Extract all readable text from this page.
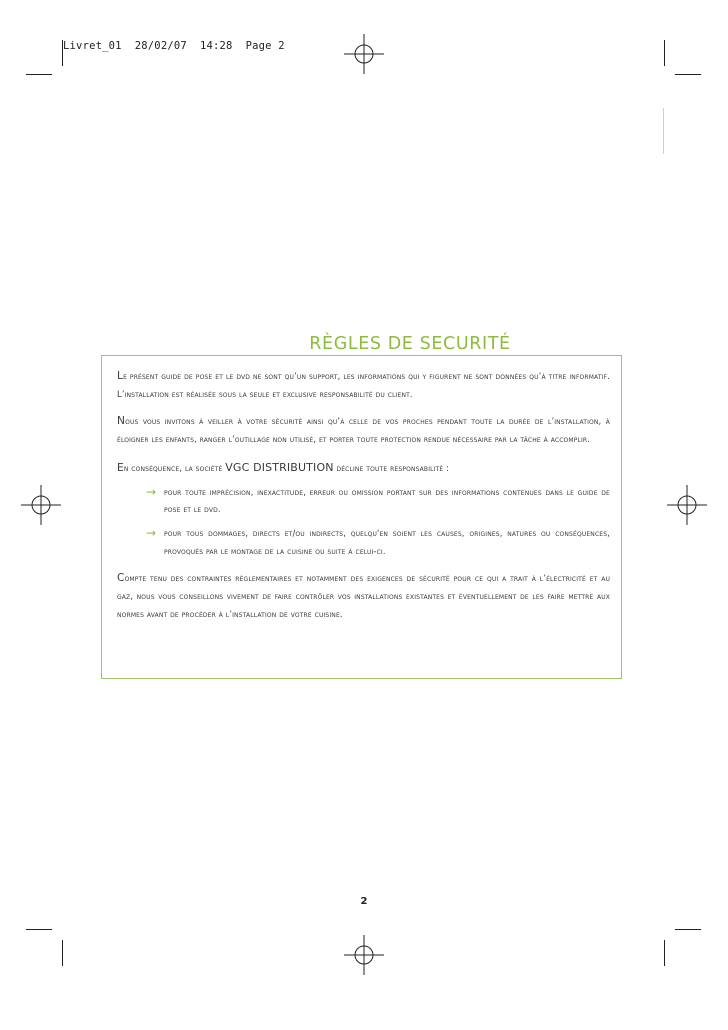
Livret_01  28/02/07  14:28  Page 2
RÈGLES DE SECURITÉ

Le présent guide de pose et le dvd ne sont qu’un support, les informations qui y figurent ne sont données qu’à titre informatif. L’installation est réalisée sous la seule et exclusive responsabilité du client.

Nous vous invitons à veiller à votre sécurité ainsi qu’à celle de vos proches pendant toute la durée de l’installation, à éloigner les enfants, ranger l’outillage non utilisé, et porter toute protection rendue nécessaire par la tâche à accomplir.

En conséquence, la société VGC DISTRIBUTION décline toute responsabilité :

→ pour toute imprécision, inexactitude, erreur ou omission portant sur des informations contenues dans le guide de pose et le dvd.

→ pour tous dommages, directs et/ou indirects, quelqu'en soient les causes, origines, natures ou conséquences, provoqués par le montage de la cuisine ou suite à celui-ci.

Compte tenu des contraintes réglementaires et notamment des exigences de sécurité pour ce qui a trait à l’électricité et au gaz, nous vous conseillons vivement de faire contrôler vos installations existantes et éventuellement de les faire mettre aux normes avant de procéder à l’installation de votre cuisine.

2
